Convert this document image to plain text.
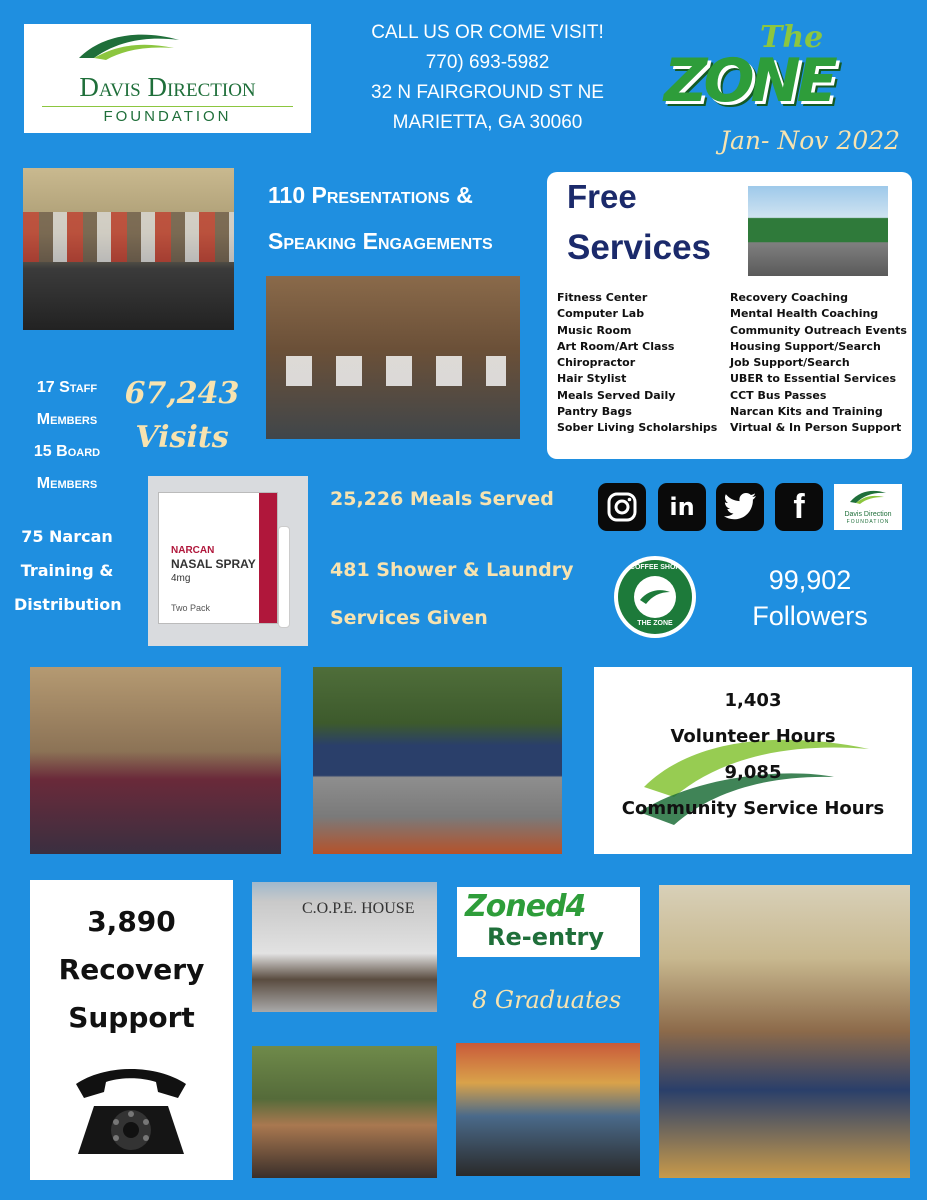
Davis Direction
FOUNDATION
CALL US OR COME VISIT!
770) 693-5982
32 N FAIRGROUND ST NE
MARIETTA, GA 30060
The
ZONE
Jan- Nov 2022
110 Presentations &
Speaking Engagements
Free
Services
Fitness Center
Computer Lab
Music Room
Art Room/Art Class
Chiropractor
Hair Stylist
Meals Served Daily
Pantry Bags
Sober Living Scholarships
Recovery Coaching
Mental Health Coaching
Community Outreach Events
Housing Support/Search
Job Support/Search
UBER to Essential Services
CCT Bus Passes
Narcan Kits and Training
Virtual & In Person Support
17 Staff
Members
15 Board
Members
67,243
Visits
75 Narcan
Training &
Distribution
NARCAN
NASAL SPRAY
4mg
Two Pack
25,226 Meals Served
481 Shower & Laundry
Services Given
in	f	Davis Direction
FOUNDATION
COFFEE SHOP
THE ZONE
99,902
Followers
1,403
Volunteer Hours
9,085
Community Service Hours
3,890
Recovery
Support
C.O.P.E. HOUSE Zoned4
Re-entry
8 Graduates
